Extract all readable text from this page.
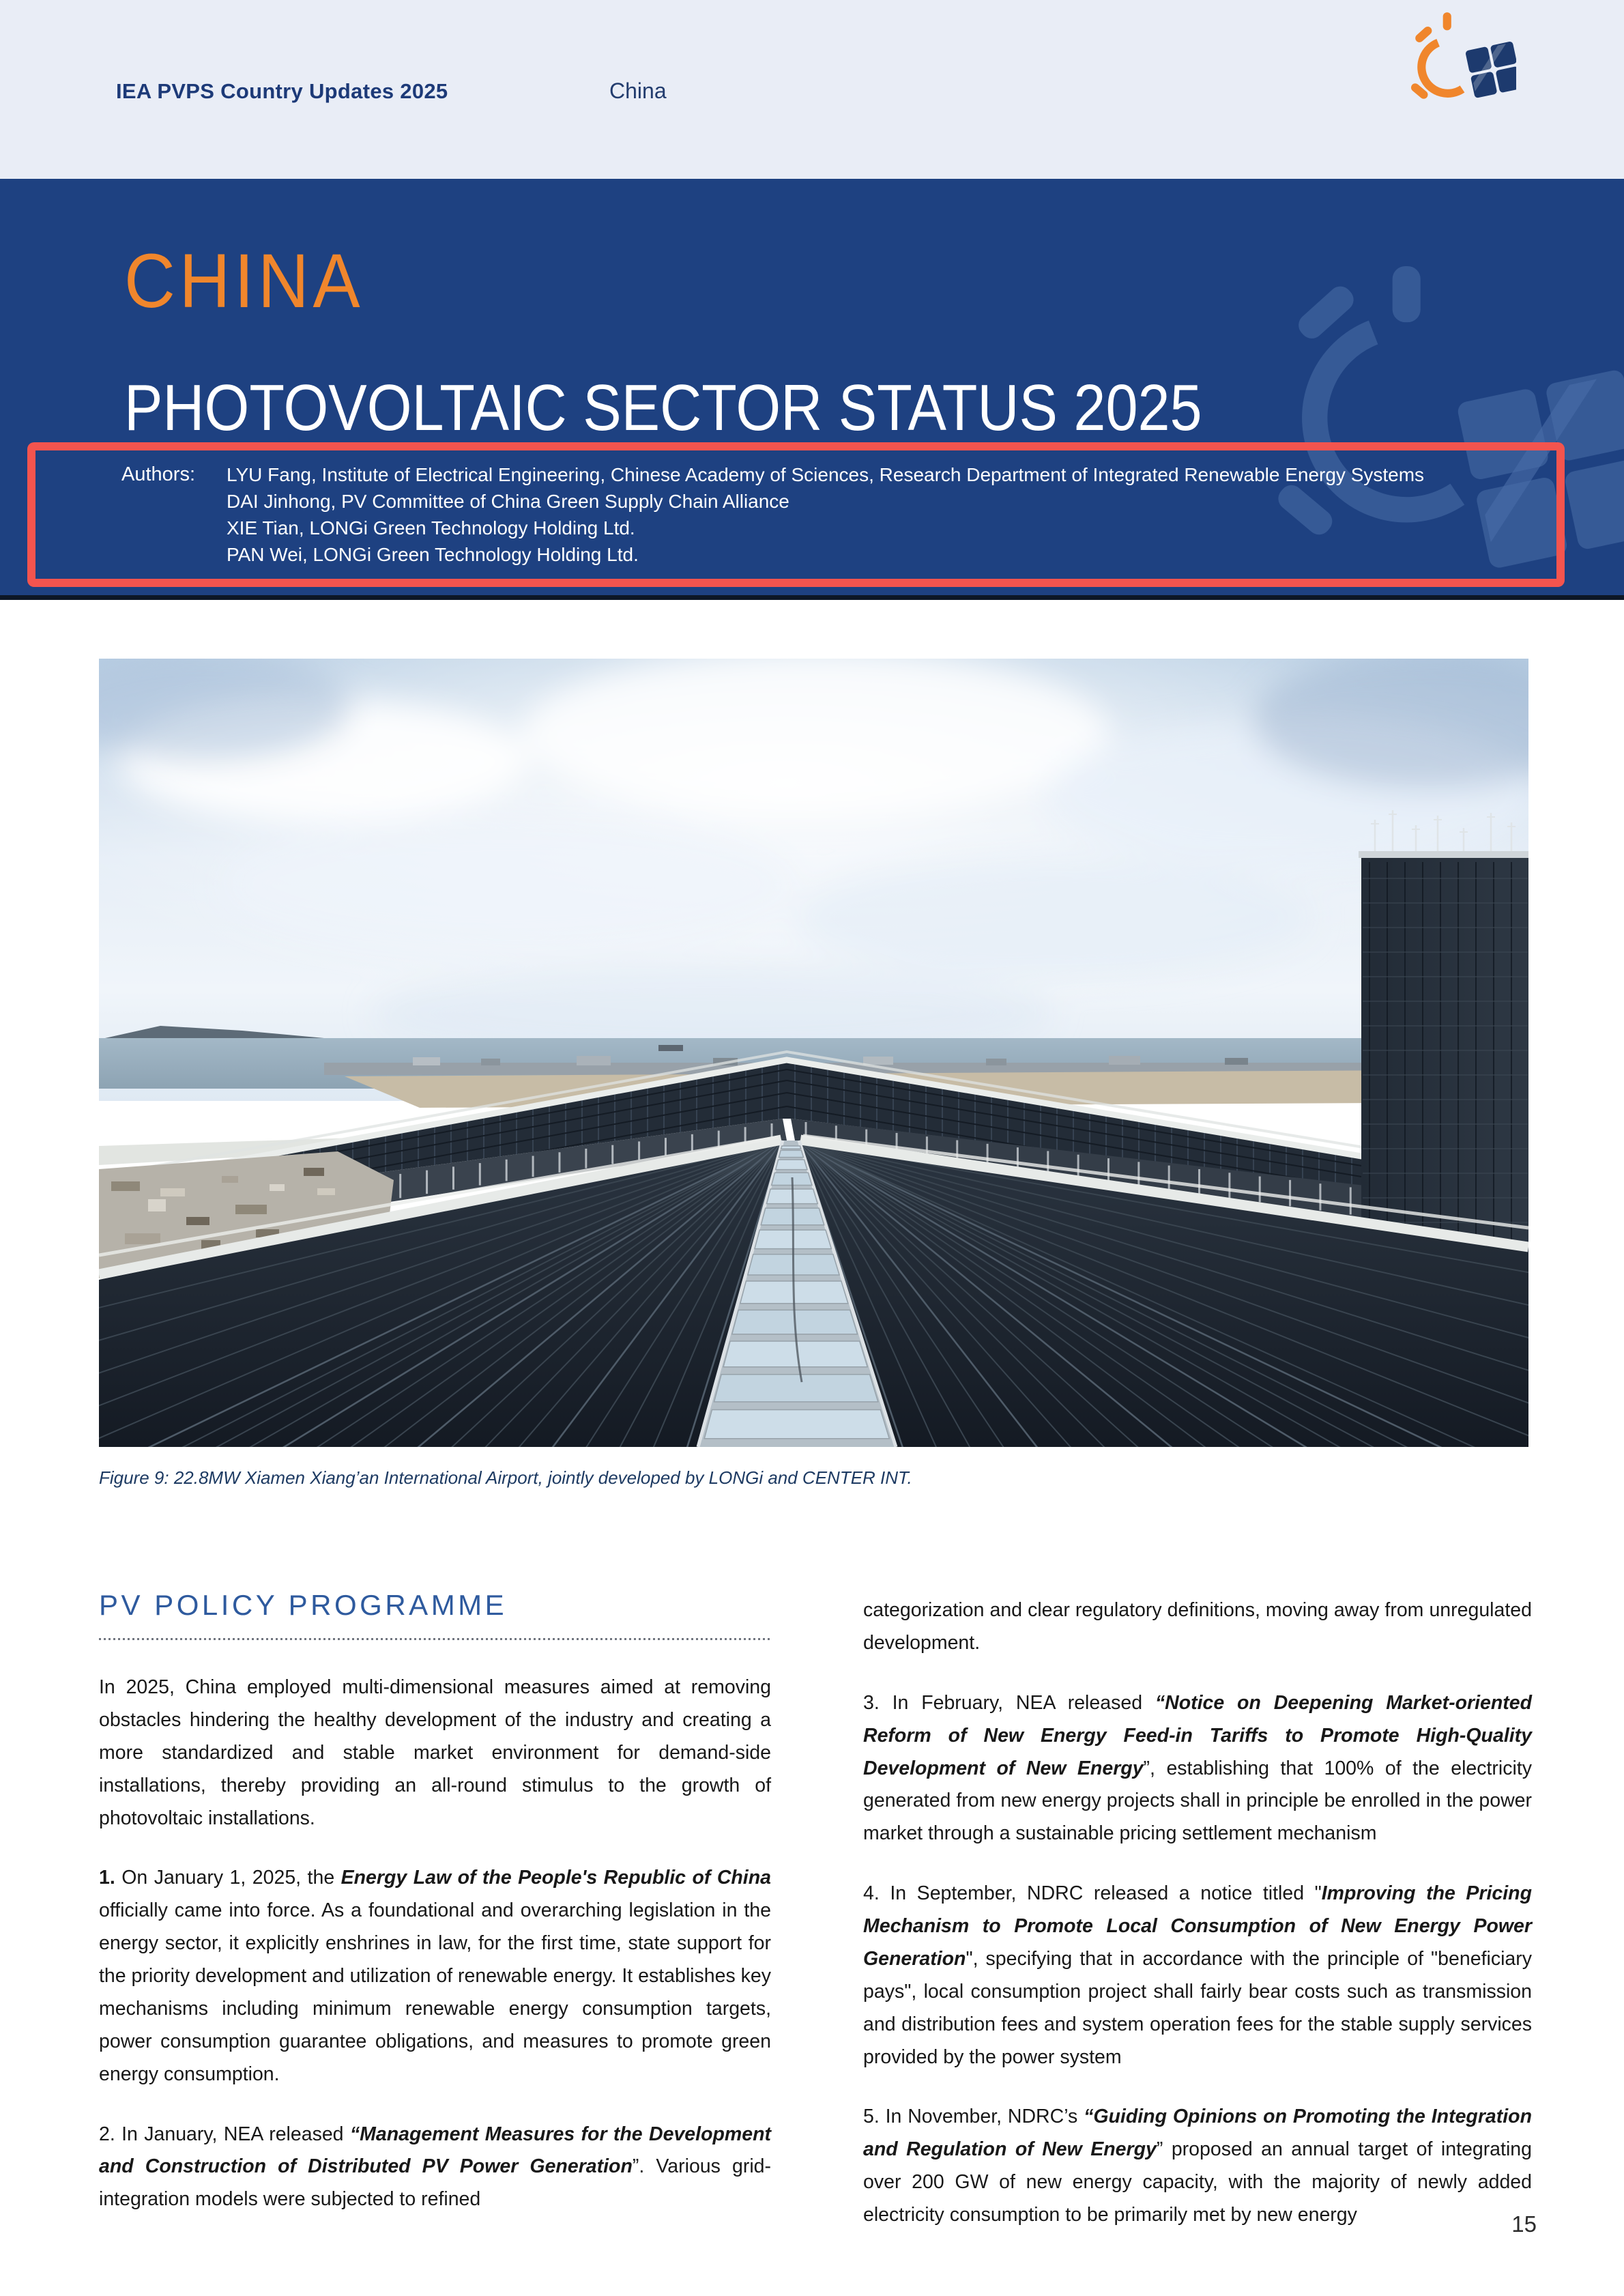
IEA PVPS Country Updates 2025	China
CHINA
PHOTOVOLTAIC SECTOR STATUS 2025
Authors: LYU Fang, Institute of Electrical Engineering, Chinese Academy of Sciences, Research Department of Integrated Renewable Energy Systems
DAI Jinhong, PV Committee of China Green Supply Chain Alliance
XIE Tian, LONGi Green Technology Holding Ltd.
PAN Wei, LONGi Green Technology Holding Ltd.
Figure 9: 22.8MW Xiamen Xiang’an International Airport, jointly developed by LONGi and CENTER INT.
PV POLICY PROGRAMME

In 2025, China employed multi-dimensional measures aimed at removing obstacles hindering the healthy development of the industry and creating a more standardized and stable market environment for demand-side installations, thereby providing an all-round stimulus to the growth of photovoltaic installations.

1. On January 1, 2025, the Energy Law of the People's Republic of China officially came into force. As a foundational and overarching legislation in the energy sector, it explicitly enshrines in law, for the first time, state support for the priority development and utilization of renewable energy. It establishes key mechanisms including minimum renewable energy consumption targets, power consumption guarantee obligations, and measures to promote green energy consumption.

2. In January, NEA released “Management Measures for the Development and Construction of Distributed PV Power Generation”. Various grid-integration models were subjected to refined

categorization and clear regulatory definitions, moving away from unregulated development.

3. In February, NEA released “Notice on Deepening Market-oriented Reform of New Energy Feed-in Tariffs to Promote High-Quality Development of New Energy”, establishing that 100% of the electricity generated from new energy projects shall in principle be enrolled in the power market through a sustainable pricing settlement mechanism

4. In September, NDRC released a notice titled "Improving the Pricing Mechanism to Promote Local Consumption of New Energy Power Generation", specifying that in accordance with the principle of "beneficiary pays", local consumption project shall fairly bear costs such as transmission and distribution fees and system operation fees for the stable supply services provided by the power system

5. In November, NDRC’s “Guiding Opinions on Promoting the Integration and Regulation of New Energy” proposed an annual target of integrating over 200 GW of new energy capacity, with the majority of newly added electricity consumption to be primarily met by new energy	15
